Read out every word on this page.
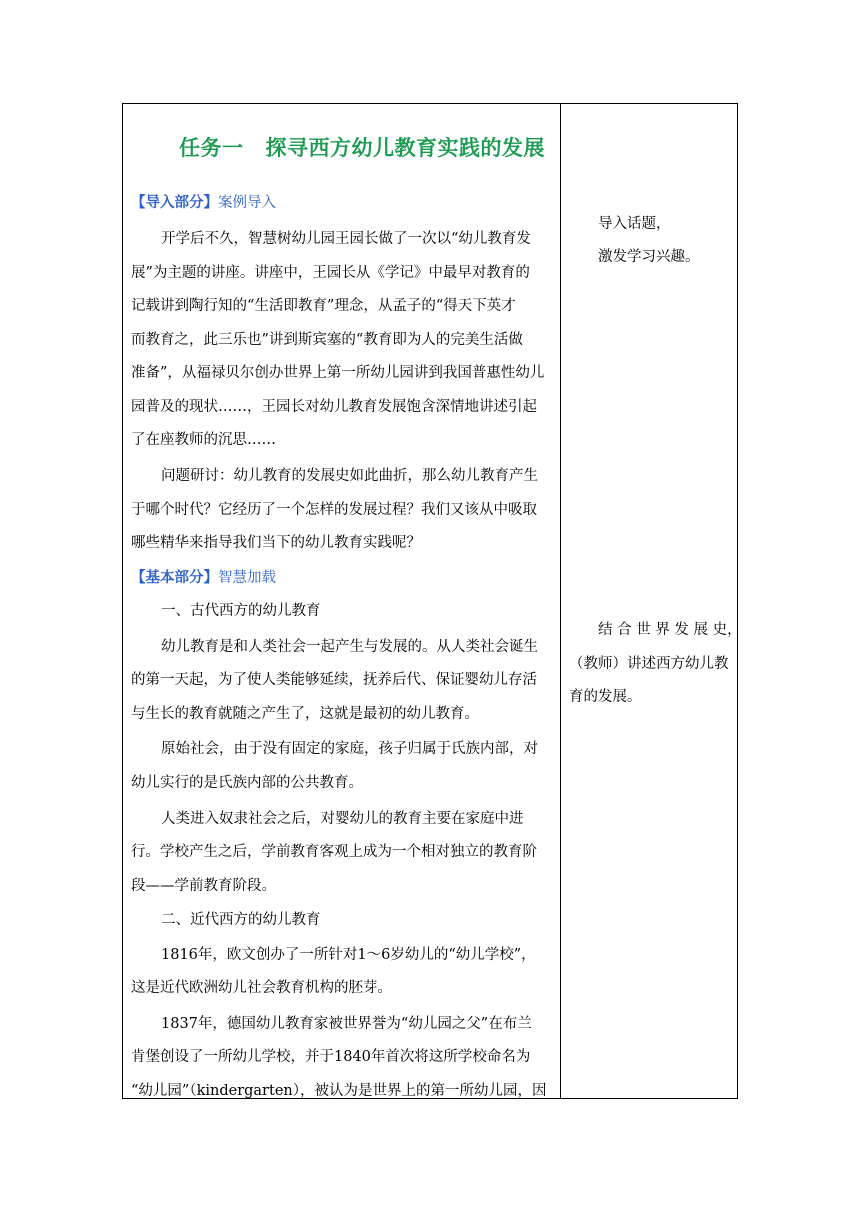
任务一 探寻西方幼儿教育实践的发展
【导入部分】案例导入
开学后不久，智慧树幼儿园王园长做了一次以“幼儿教育发
展”为主题的讲座。讲座中，王园长从《学记》中最早对教育的
记载讲到陶行知的“生活即教育”理念，从孟子的“得天下英才
而教育之，此三乐也”讲到斯宾塞的“教育即为人的完美生活做
准备”，从福禄贝尔创办世界上第一所幼儿园讲到我国普惠性幼儿
园普及的现状……，王园长对幼儿教育发展饱含深情地讲述引起
了在座教师的沉思……
问题研讨：幼儿教育的发展史如此曲折，那么幼儿教育产生
于哪个时代？它经历了一个怎样的发展过程？我们又该从中吸取
哪些精华来指导我们当下的幼儿教育实践呢？
【基本部分】智慧加载
一、古代西方的幼儿教育
幼儿教育是和人类社会一起产生与发展的。从人类社会诞生
的第一天起，为了使人类能够延续，抚养后代、保证婴幼儿存活
与生长的教育就随之产生了，这就是最初的幼儿教育。
原始社会，由于没有固定的家庭，孩子归属于氏族内部，对
幼儿实行的是氏族内部的公共教育。
人类进入奴隶社会之后，对婴幼儿的教育主要在家庭中进
行。学校产生之后，学前教育客观上成为一个相对独立的教育阶
段——学前教育阶段。
二、近代西方的幼儿教育
1816年，欧文创办了一所针对1～6岁幼儿的“幼儿学校”，
这是近代欧洲幼儿社会教育机构的胚芽。
1837年，德国幼儿教育家被世界誉为“幼儿园之父”在布兰
肯堡创设了一所幼儿学校，并于1840年首次将这所学校命名为
“幼儿园”（kindergarten），被认为是世界上的第一所幼儿园，因
导入话题，
激发学习兴趣。
结 合 世 界 发 展 史，
（教师）讲述西方幼儿教
育的发展。
